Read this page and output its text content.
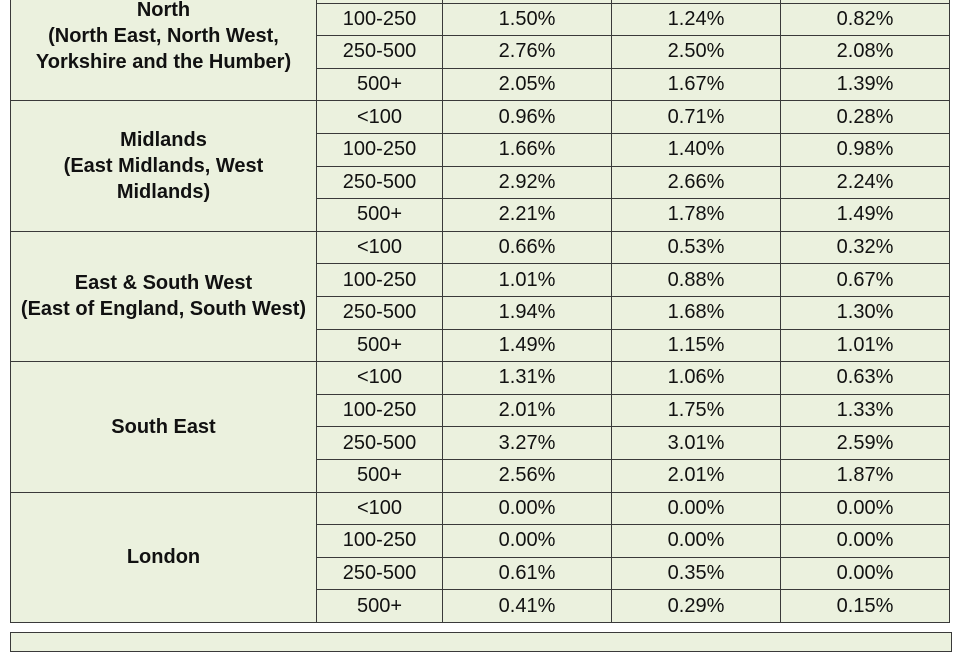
North
(North East, North West, Yorkshire and the Humber)

	100-250	1.50%	1.24%	0.82%
	250-500	2.76%	2.50%	2.08%
	500+	2.05%	1.67%	1.39%

Midlands
(East Midlands, West Midlands)	<100	0.96%	0.71%	0.28%
	100-250	1.66%	1.40%	0.98%
	250-500	2.92%	2.66%	2.24%
	500+	2.21%	1.78%	1.49%

East & South West
(East of England, South West)	<100	0.66%	0.53%	0.32%
	100-250	1.01%	0.88%	0.67%
	250-500	1.94%	1.68%	1.30%
	500+	1.49%	1.15%	1.01%

South East	<100	1.31%	1.06%	0.63%
	100-250	2.01%	1.75%	1.33%
	250-500	3.27%	3.01%	2.59%
	500+	2.56%	2.01%	1.87%

London	<100	0.00%	0.00%	0.00%
	100-250	0.00%	0.00%	0.00%
	250-500	0.61%	0.35%	0.00%
	500+	0.41%	0.29%	0.15%
